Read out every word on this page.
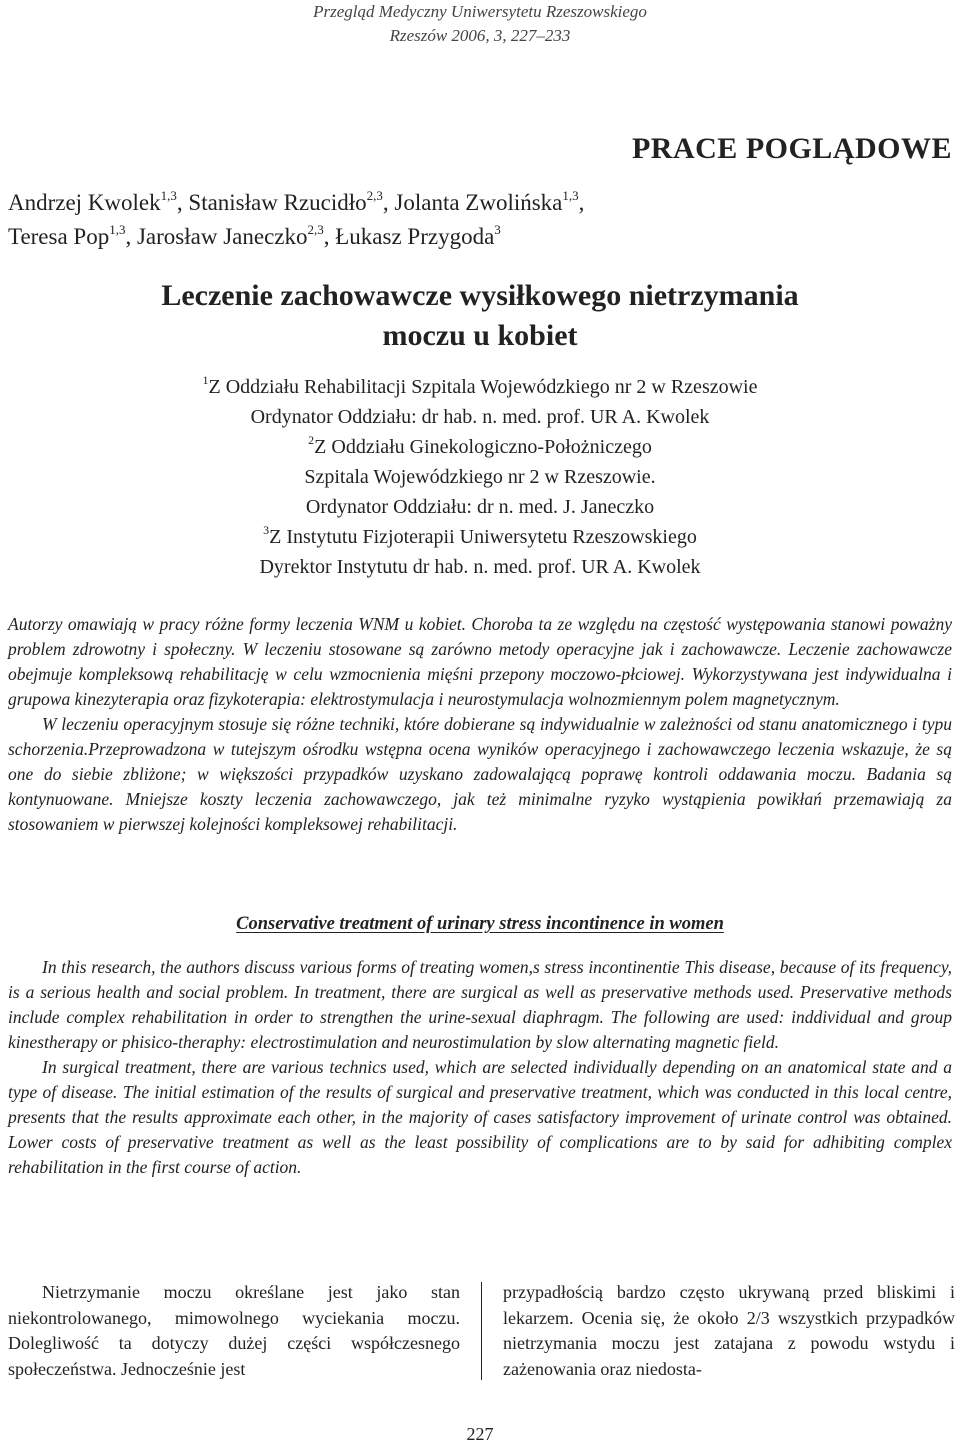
Przegląd Medyczny Uniwersytetu Rzeszowskiego
Rzeszów 2006, 3, 227–233
PRACE POGLĄDOWE
Andrzej Kwolek$^{1,3}$, Stanisław Rzucidło$^{2,3}$, Jolanta Zwolińska$^{1,3}$,
Teresa Pop$^{1,3}$, Jarosław Janeczko$^{2,3}$, Łukasz Przygoda$^3$
Leczenie zachowawcze wysiłkowego nietrzymania
moczu u kobiet
$^1$Z Oddziału Rehabilitacji Szpitala Wojewódzkiego nr 2 w Rzeszowie
Ordynator Oddziału: dr hab. n. med. prof. UR A. Kwolek
$^2$Z Oddziału Ginekologiczno-Położniczego
Szpitala Wojewódzkiego nr 2 w Rzeszowie.
Ordynator Oddziału: dr n. med. J. Janeczko
$^3$Z Instytutu Fizjoterapii Uniwersytetu Rzeszowskiego
Dyrektor Instytutu dr hab. n. med. prof. UR A. Kwolek

Autorzy omawiają w pracy różne formy leczenia WNM u kobiet. Choroba ta ze względu na częstość występowania stanowi poważny problem zdrowotny i społeczny. W leczeniu stosowane są zarówno metody operacyjne jak i zachowawcze. Leczenie zachowawcze obejmuje kompleksową rehabilitację w celu wzmocnienia mięśni przepony moczowo-płciowej. Wykorzystywana jest indywidualna i grupowa kinezyterapia oraz fizykoterapia: elektrostymulacja i neurostymulacja wolnozmiennym polem magnetycznym.

W leczeniu operacyjnym stosuje się różne techniki, które dobierane są indywidualnie w zależności od stanu anatomicznego i typu schorzenia.Przeprowadzona w tutejszym ośrodku wstępna ocena wyników operacyjnego i zachowawczego leczenia wskazuje, że są one do siebie zbliżone; w większości przypadków uzyskano zadowalającą poprawę kontroli oddawania moczu. Badania są kontynuowane. Mniejsze koszty leczenia zachowawczego, jak też minimalne ryzyko wystąpienia powikłań przemawiają za stosowaniem w pierwszej kolejności kompleksowej rehabilitacji.

Conservative treatment of urinary stress incontinence in women

In this research, the authors discuss various forms of treating women,s stress incontinentie This disease, because of its frequency, is a serious health and social problem. In treatment, there are surgical as well as preservative methods used. Preservative methods include complex rehabilitation in order to strengthen the urine-sexual diaphragm. The following are used: inddividual and group kinestherapy or phisico-theraphy: electrostimulation and neurostimulation by slow alternating magnetic field.

In surgical treatment, there are various technics used, which are selected individually depending on an anatomical state and a type of disease. The initial estimation of the results of surgical and preservative treatment, which was conducted in this local centre, presents that the results approximate each other, in the majority of cases satisfactory improvement of urinate control was obtained. Lower costs of preservative treatment as well as the least possibility of complications are to by said for adhibiting complex rehabilitation in the first course of action.

Nietrzymanie moczu określane jest jako stan niekontrolowanego, mimowolnego wyciekania moczu. Dolegliwość ta dotyczy dużej części współczesnego społeczeństwa. Jednocześnie jest

przypadłością bardzo często ukrywaną przed bliskimi i lekarzem. Ocenia się, że około 2/3 wszystkich przypadków nietrzymania moczu jest zatajana z powodu wstydu i zażenowania oraz niedosta-

227
